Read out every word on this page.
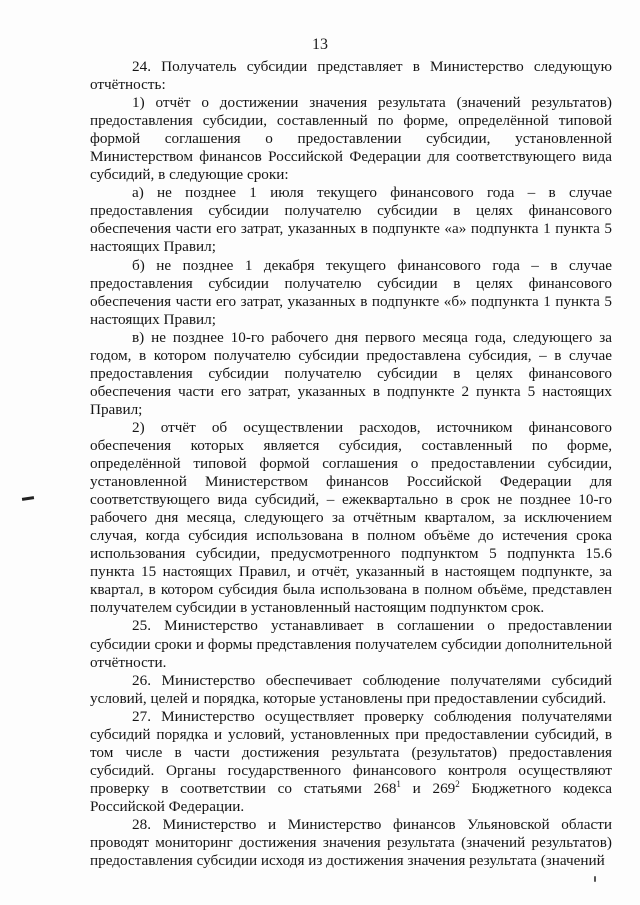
13

24. Получатель субсидии представляет в Министерство следующую отчётность:

1) отчёт о достижении значения результата (значений результатов) предоставления субсидии, составленный по форме, определённой типовой формой соглашения о предоставлении субсидии, установленной Министерством финансов Российской Федерации для соответствующего вида субсидий, в следующие сроки:

а) не позднее 1 июля текущего финансового года – в случае предоставления субсидии получателю субсидии в целях финансового обеспечения части его затрат, указанных в подпункте «а» подпункта 1 пункта 5 настоящих Правил;

б) не позднее 1 декабря текущего финансового года – в случае предоставления субсидии получателю субсидии в целях финансового обеспечения части его затрат, указанных в подпункте «б» подпункта 1 пункта 5 настоящих Правил;

в) не позднее 10-го рабочего дня первого месяца года, следующего за годом, в котором получателю субсидии предоставлена субсидия, – в случае предоставления субсидии получателю субсидии в целях финансового обеспечения части его затрат, указанных в подпункте 2 пункта 5 настоящих Правил;

2) отчёт об осуществлении расходов, источником финансового обеспечения которых является субсидия, составленный по форме, определённой типовой формой соглашения о предоставлении субсидии, установленной Министерством финансов Российской Федерации для соответствующего вида субсидий, – ежеквартально в срок не позднее 10-го рабочего дня месяца, следующего за отчётным кварталом, за исключением случая, когда субсидия использована в полном объёме до истечения срока использования субсидии, предусмотренного подпунктом 5 подпункта 15.6 пункта 15 настоящих Правил, и отчёт, указанный в настоящем подпункте, за квартал, в котором субсидия была использована в полном объёме, представлен получателем субсидии в установленный настоящим подпунктом срок.

25. Министерство устанавливает в соглашении о предоставлении субсидии сроки и формы представления получателем субсидии дополнительной отчётности.

26. Министерство обеспечивает соблюдение получателями субсидий условий, целей и порядка, которые установлены при предоставлении субсидий.

27. Министерство осуществляет проверку соблюдения получателями субсидий порядка и условий, установленных при предоставлении субсидий, в том числе в части достижения результата (результатов) предоставления субсидий. Органы государственного финансового контроля осуществляют проверку в соответствии со статьями $268^1$ и $269^2$ Бюджетного кодекса Российской Федерации.

28. Министерство и Министерство финансов Ульяновской области проводят мониторинг достижения значения результата (значений результатов) предоставления субсидии исходя из достижения значения результата (значений
